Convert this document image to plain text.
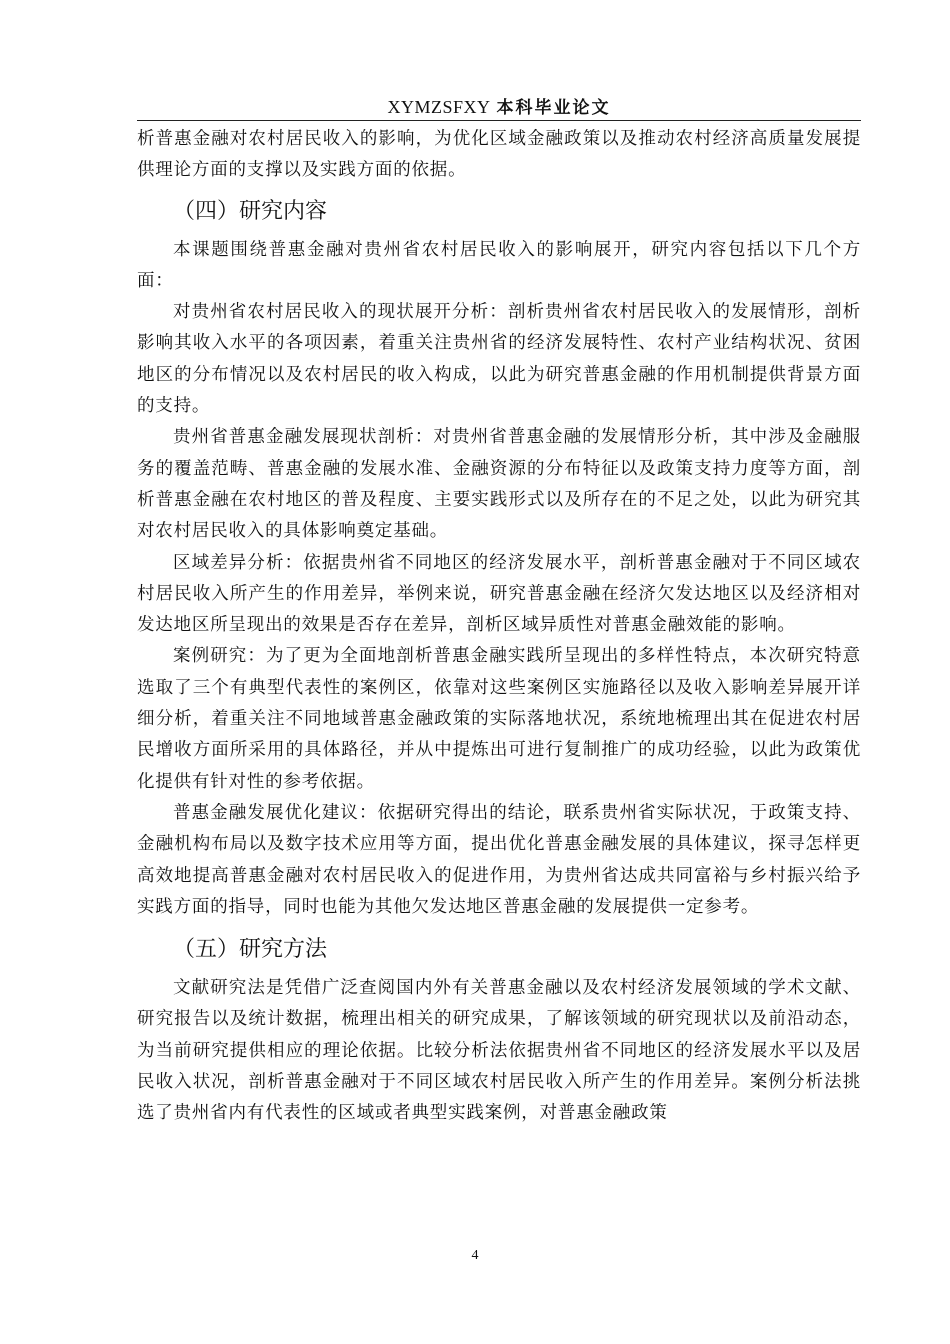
XYMZSFXY 本科毕业论文

析普惠金融对农村居民收入的影响，为优化区域金融政策以及推动农村经济高质量发展提供理论方面的支撑以及实践方面的依据。

（四）研究内容

本课题围绕普惠金融对贵州省农村居民收入的影响展开，研究内容包括以下几个方面：

对贵州省农村居民收入的现状展开分析：剖析贵州省农村居民收入的发展情形，剖析影响其收入水平的各项因素，着重关注贵州省的经济发展特性、农村产业结构状况、贫困地区的分布情况以及农村居民的收入构成，以此为研究普惠金融的作用机制提供背景方面的支持。

贵州省普惠金融发展现状剖析：对贵州省普惠金融的发展情形分析，其中涉及金融服务的覆盖范畴、普惠金融的发展水准、金融资源的分布特征以及政策支持力度等方面，剖析普惠金融在农村地区的普及程度、主要实践形式以及所存在的不足之处，以此为研究其对农村居民收入的具体影响奠定基础。

区域差异分析：依据贵州省不同地区的经济发展水平，剖析普惠金融对于不同区域农村居民收入所产生的作用差异，举例来说，研究普惠金融在经济欠发达地区以及经济相对发达地区所呈现出的效果是否存在差异，剖析区域异质性对普惠金融效能的影响。

案例研究：为了更为全面地剖析普惠金融实践所呈现出的多样性特点，本次研究特意选取了三个有典型代表性的案例区，依靠对这些案例区实施路径以及收入影响差异展开详细分析，着重关注不同地域普惠金融政策的实际落地状况，系统地梳理出其在促进农村居民增收方面所采用的具体路径，并从中提炼出可进行复制推广的成功经验，以此为政策优化提供有针对性的参考依据。

普惠金融发展优化建议：依据研究得出的结论，联系贵州省实际状况，于政策支持、金融机构布局以及数字技术应用等方面，提出优化普惠金融发展的具体建议，探寻怎样更高效地提高普惠金融对农村居民收入的促进作用，为贵州省达成共同富裕与乡村振兴给予实践方面的指导，同时也能为其他欠发达地区普惠金融的发展提供一定参考。

（五）研究方法

文献研究法是凭借广泛查阅国内外有关普惠金融以及农村经济发展领域的学术文献、研究报告以及统计数据，梳理出相关的研究成果，了解该领域的研究现状以及前沿动态，为当前研究提供相应的理论依据。比较分析法依据贵州省不同地区的经济发展水平以及居民收入状况，剖析普惠金融对于不同区域农村居民收入所产生的作用差异。案例分析法挑选了贵州省内有代表性的区域或者典型实践案例，对普惠金融政策

4
